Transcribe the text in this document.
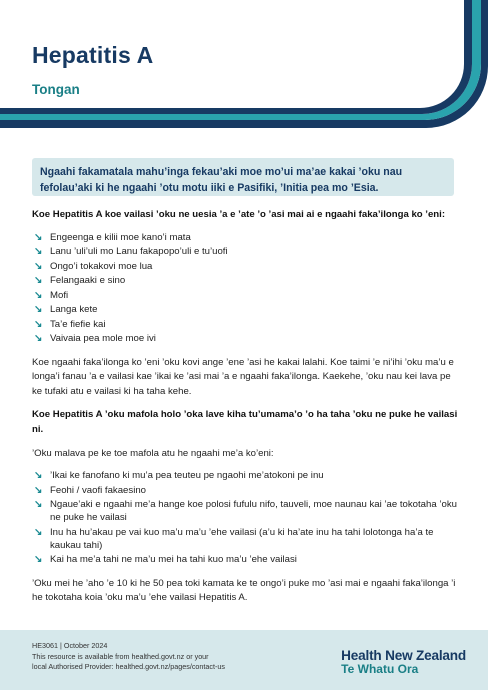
Hepatitis A
Tongan
Ngaahi fakamatala mahu’inga fekau’aki moe mo’ui ma’ae kakai ’oku nau fefolau’aki ki he ngaahi ’otu motu iiki e Pasifiki, ’Initia pea mo ’Esia.

Koe Hepatitis A koe vailasi ’oku ne uesia ’a e ’ate ’o ’asi mai ai e ngaahi faka’ilonga ko ’eni:

↘ Engeenga e kilii moe kano’i mata
↘ Lanu ’uli’uli mo Lanu fakapopo’uli e tu’uofi
↘ Ongo’i tokakovi moe lua
↘ Felangaaki e sino
↘ Mofi
↘ Langa kete
↘ Ta’e fiefie kai
↘ Vaivaia pea mole moe ivi

Koe ngaahi faka’ilonga ko ’eni ’oku kovi ange ’ene ’asi he kakai lalahi. Koe taimi ’e ni’ihi ’oku ma’u e longa’i fanau ’a e vailasi kae ’ikai ke ’asi mai ’a e ngaahi faka’ilonga. Kaekehe, ’oku nau kei lava pe ke tufaki atu e vailasi ki ha taha kehe.

Koe Hepatitis A ’oku mafola holo ’oka lave kiha tu’umama’o ’o ha taha ’oku ne puke he vailasi ni.

’Oku malava pe ke toe mafola atu he ngaahi me’a ko’eni:

↘ ’Ikai ke fanofano ki mu’a pea teuteu pe ngaohi me’atokoni pe inu
↘ Feohi / vaofi fakaesino
↘ Ngaue’aki e ngaahi me’a hange koe polosi fufulu nifo, tauveli, moe naunau kai ’ae tokotaha ’oku ne puke he vailasi
↘ Inu ha hu’akau pe vai kuo ma’u ma’u ’ehe vailasi (a’u ki ha’ate inu ha tahi lolotonga ha’a te kaukau tahi)
↘ Kai ha me’a tahi ne ma’u mei ha tahi kuo ma’u ’ehe vailasi

’Oku mei he ’aho ’e 10 ki he 50 pea toki kamata ke te ongo’i puke mo ’asi mai e ngaahi faka’ilonga ’i he tokotaha koia ’oku ma’u ’ehe vailasi Hepatitis A.

HE3061 | October 2024
This resource is available from healthed.govt.nz or your
local Authorised Provider: healthed.govt.nz/pages/contact-us
Health New Zealand
Te Whatu Ora
